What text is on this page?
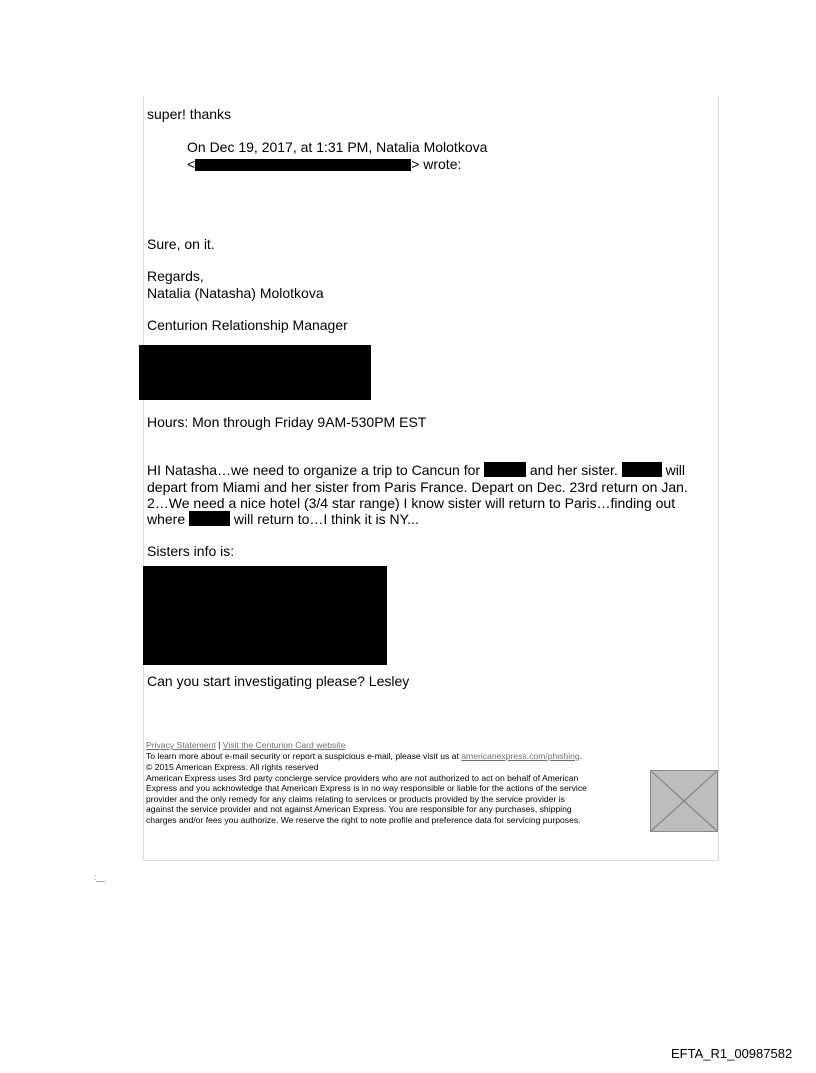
super! thanks
On Dec 19, 2017, at 1:31 PM, Natalia Molotkova
<	> wrote:
Sure, on it.
Regards,
Natalia (Natasha) Molotkova
Centurion Relationship Manager
Hours: Mon through Friday 9AM-530PM EST
HI Natasha…we need to organize a trip to Cancun for	and her sister.	will
depart from Miami and her sister from Paris France. Depart on Dec. 23rd return on Jan.
2…We need a nice hotel (3/4 star range) I know sister will return to Paris…finding out
where	will return to…I think it is NY...
Sisters info is:
Can you start investigating please? Lesley
Privacy Statement | Visit the Centurion Card website
To learn more about e-mail security or report a suspicious e-mail, please visit us at americanexpress.com/phishing.
© 2015 American Express. All rights reserved
American Express uses 3rd party concierge service providers who are not authorized to act on behalf of American
Express and you acknowledge that American Express is in no way responsible or liable for the actions of the service
provider and the only remedy for any claims relating to services or products provided by the service provider is
against the service provider and not against American Express. You are responsible for any purchases, shipping
charges and/or fees you authorize. We reserve the right to note profile and preference data for servicing purposes.
:__
EFTA_R1_00987582
